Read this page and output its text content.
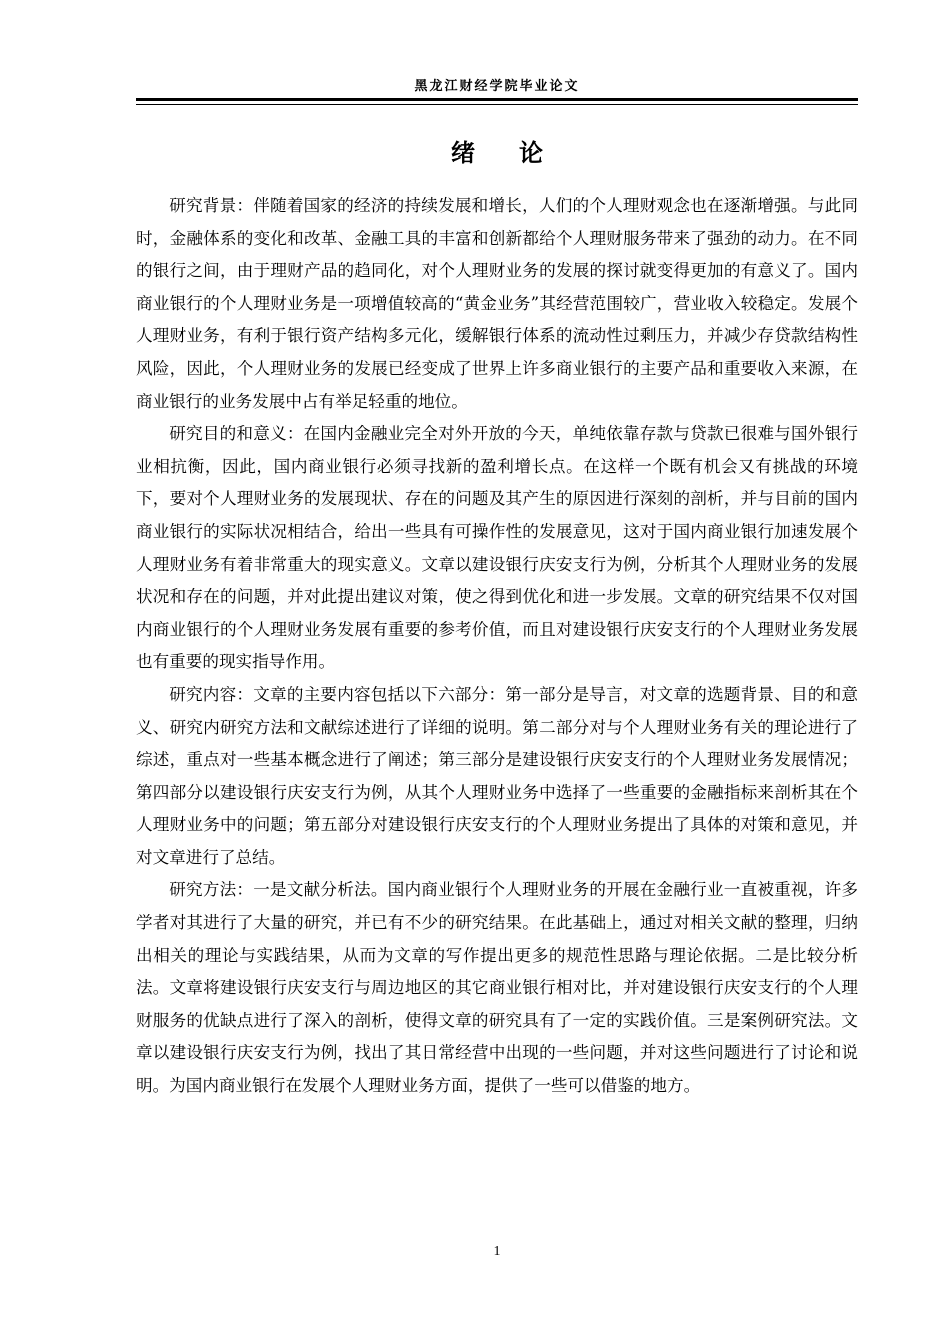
黑龙江财经学院毕业论文
绪 论

研究背景：伴随着国家的经济的持续发展和增长，人们的个人理财观念也在逐渐增强。与此同时，金融体系的变化和改革、金融工具的丰富和创新都给个人理财服务带来了强劲的动力。在不同的银行之间，由于理财产品的趋同化，对个人理财业务的发展的探讨就变得更加的有意义了。国内商业银行的个人理财业务是一项增值较高的“黄金业务”其经营范围较广，营业收入较稳定。发展个人理财业务，有利于银行资产结构多元化，缓解银行体系的流动性过剩压力，并减少存贷款结构性风险，因此，个人理财业务的发展已经变成了世界上许多商业银行的主要产品和重要收入来源，在商业银行的业务发展中占有举足轻重的地位。

研究目的和意义：在国内金融业完全对外开放的今天，单纯依靠存款与贷款已很难与国外银行业相抗衡，因此，国内商业银行必须寻找新的盈利增长点。在这样一个既有机会又有挑战的环境下，要对个人理财业务的发展现状、存在的问题及其产生的原因进行深刻的剖析，并与目前的国内商业银行的实际状况相结合，给出一些具有可操作性的发展意见，这对于国内商业银行加速发展个人理财业务有着非常重大的现实意义。文章以建设银行庆安支行为例，分析其个人理财业务的发展状况和存在的问题，并对此提出建议对策，使之得到优化和进一步发展。文章的研究结果不仅对国内商业银行的个人理财业务发展有重要的参考价值，而且对建设银行庆安支行的个人理财业务发展也有重要的现实指导作用。

研究内容：文章的主要内容包括以下六部分：第一部分是导言，对文章的选题背景、目的和意义、研究内研究方法和文献综述进行了详细的说明。第二部分对与个人理财业务有关的理论进行了综述，重点对一些基本概念进行了阐述；第三部分是建设银行庆安支行的个人理财业务发展情况；第四部分以建设银行庆安支行为例，从其个人理财业务中选择了一些重要的金融指标来剖析其在个人理财业务中的问题；第五部分对建设银行庆安支行的个人理财业务提出了具体的对策和意见，并对文章进行了总结。

研究方法：一是文献分析法。国内商业银行个人理财业务的开展在金融行业一直被重视，许多学者对其进行了大量的研究，并已有不少的研究结果。在此基础上，通过对相关文献的整理，归纳出相关的理论与实践结果，从而为文章的写作提出更多的规范性思路与理论依据。二是比较分析法。文章将建设银行庆安支行与周边地区的其它商业银行相对比，并对建设银行庆安支行的个人理财服务的优缺点进行了深入的剖析，使得文章的研究具有了一定的实践价值。三是案例研究法。文章以建设银行庆安支行为例，找出了其日常经营中出现的一些问题，并对这些问题进行了讨论和说明。为国内商业银行在发展个人理财业务方面，提供了一些可以借鉴的地方。

1
